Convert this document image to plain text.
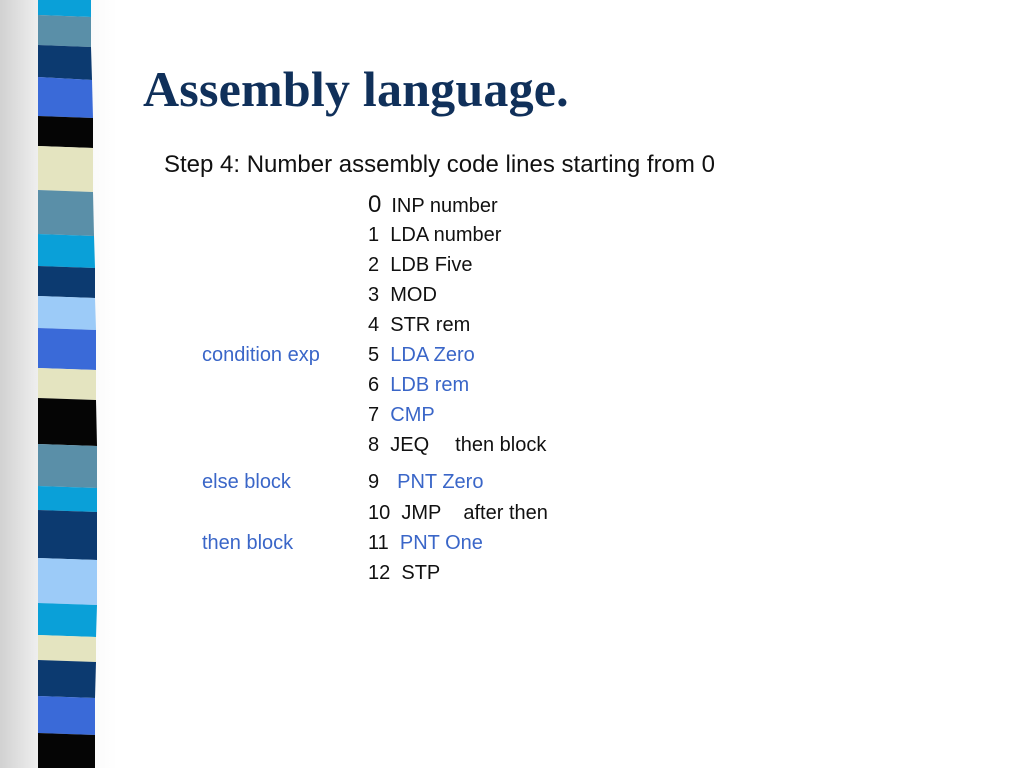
Assembly language.
Step 4: Number assembly code lines starting from 0
condition exp
else block
then block
0 INP number
1 LDA number
2 LDB Five
3 MOD
4 STR rem
5 LDA Zero
6 LDB rem
7 CMP
8 JEQ then block
9 PNT Zero
10 JMP after then
11 PNT One
12 STP
